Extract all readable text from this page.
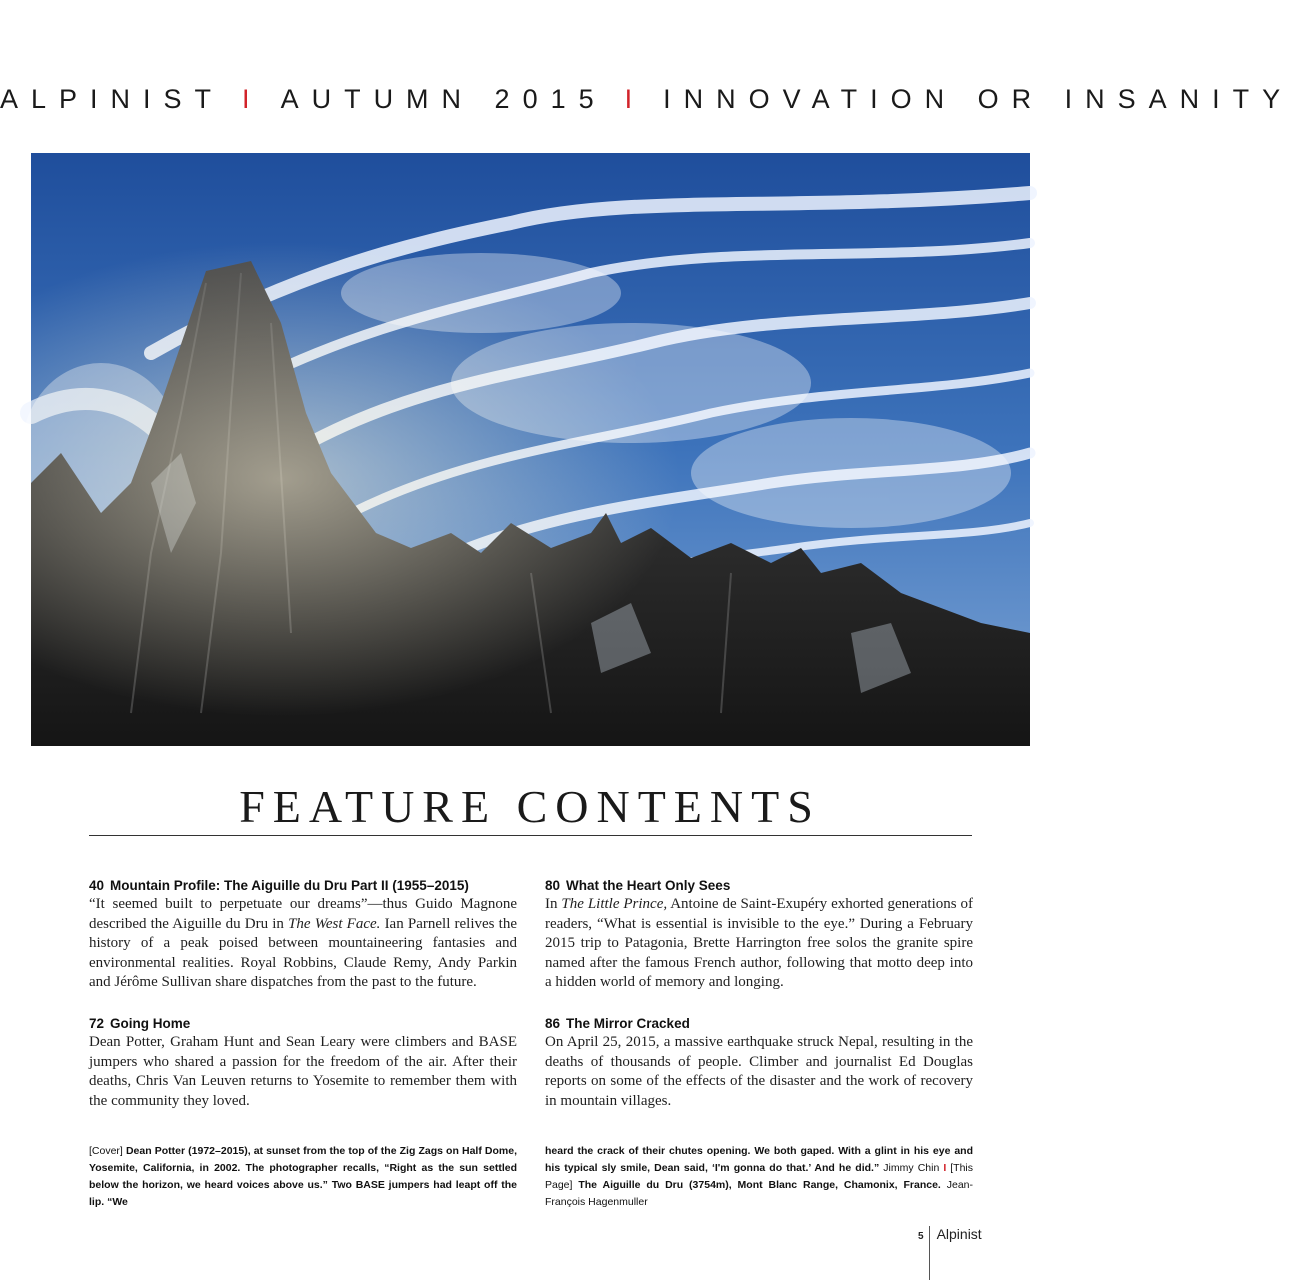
ALPINIST I AUTUMN 2015 I INNOVATION OR INSANITY
FEATURE CONTENTS
40 Mountain Profile: The Aiguille du Dru Part II (1955–2015)
“It seemed built to perpetuate our dreams”—thus Guido Magnone described the Aiguille du Dru in The West Face. Ian Parnell relives the history of a peak poised between mountaineering fantasies and environmental realities. Royal Robbins, Claude Remy, Andy Parkin and Jérôme Sullivan share dispatches from the past to the future.
72 Going Home
Dean Potter, Graham Hunt and Sean Leary were climbers and BASE jumpers who shared a passion for the freedom of the air. After their deaths, Chris Van Leuven returns to Yosemite to remember them with the community they loved.
80 What the Heart Only Sees
In The Little Prince, Antoine de Saint-Exupéry exhorted generations of readers, “What is essential is invisible to the eye.” During a February 2015 trip to Patagonia, Brette Harrington free solos the granite spire named after the famous French author, following that motto deep into a hidden world of memory and longing.
86 The Mirror Cracked
On April 25, 2015, a massive earthquake struck Nepal, resulting in the deaths of thousands of people. Climber and journalist Ed Douglas reports on some of the effects of the disaster and the work of recovery in mountain villages.
[Cover] Dean Potter (1972–2015), at sunset from the top of the Zig Zags on Half Dome, Yosemite, California, in 2002. The photographer recalls, “Right as the sun settled below the horizon, we heard voices above us.” Two BASE jumpers had leapt off the lip. “We
heard the crack of their chutes opening. We both gaped. With a glint in his eye and his typical sly smile, Dean said, ‘I'm gonna do that.’ And he did.” Jimmy Chin I [This Page] The Aiguille du Dru (3754m), Mont Blanc Range, Chamonix, France. Jean-François Hagenmuller
5 Alpinist
